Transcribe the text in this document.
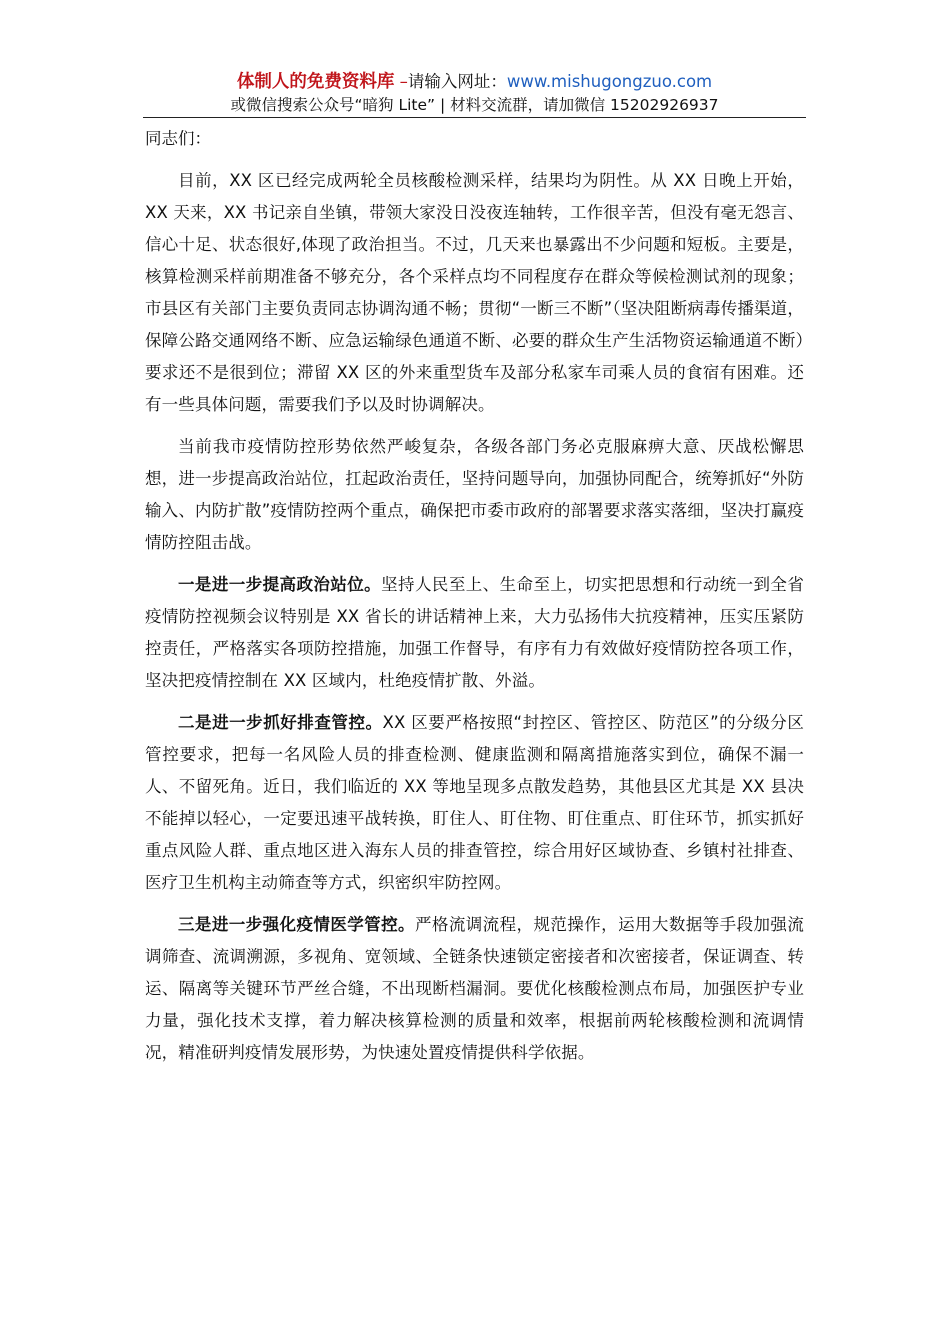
体制人的免费资料库 –请输入网址：www.mishugongzuo.com
或微信搜索公众号“暗狗 Lite” | 材料交流群，请加微信 15202926937

同志们：

目前，XX 区已经完成两轮全员核酸检测采样，结果均为阴性。从 XX 日晚上开始，XX 天来，XX 书记亲自坐镇，带领大家没日没夜连轴转，工作很辛苦，但没有毫无怨言、信心十足、状态很好,体现了政治担当。不过，几天来也暴露出不少问题和短板。主要是，核算检测采样前期准备不够充分，各个采样点均不同程度存在群众等候检测试剂的现象；市县区有关部门主要负责同志协调沟通不畅；贯彻“一断三不断”（坚决阻断病毒传播渠道，保障公路交通网络不断、应急运输绿色通道不断、必要的群众生产生活物资运输通道不断）要求还不是很到位；滞留 XX 区的外来重型货车及部分私家车司乘人员的食宿有困难。还有一些具体问题，需要我们予以及时协调解决。

当前我市疫情防控形势依然严峻复杂，各级各部门务必克服麻痹大意、厌战松懈思想，进一步提高政治站位，扛起政治责任，坚持问题导向，加强协同配合，统筹抓好“外防输入、内防扩散”疫情防控两个重点，确保把市委市政府的部署要求落实落细，坚决打赢疫情防控阻击战。

一是进一步提高政治站位。坚持人民至上、生命至上，切实把思想和行动统一到全省疫情防控视频会议特别是 XX 省长的讲话精神上来，大力弘扬伟大抗疫精神，压实压紧防控责任，严格落实各项防控措施，加强工作督导，有序有力有效做好疫情防控各项工作，坚决把疫情控制在 XX 区域内，杜绝疫情扩散、外溢。

二是进一步抓好排查管控。XX 区要严格按照“封控区、管控区、防范区”的分级分区管控要求，把每一名风险人员的排查检测、健康监测和隔离措施落实到位，确保不漏一人、不留死角。近日，我们临近的 XX 等地呈现多点散发趋势，其他县区尤其是 XX 县决不能掉以轻心，一定要迅速平战转换，盯住人、盯住物、盯住重点、盯住环节，抓实抓好重点风险人群、重点地区进入海东人员的排查管控，综合用好区域协查、乡镇村社排查、医疗卫生机构主动筛查等方式，织密织牢防控网。

三是进一步强化疫情医学管控。严格流调流程，规范操作，运用大数据等手段加强流调筛查、流调溯源，多视角、宽领域、全链条快速锁定密接者和次密接者，保证调查、转运、隔离等关键环节严丝合缝，不出现断档漏洞。要优化核酸检测点布局，加强医护专业力量，强化技术支撑，着力解决核算检测的质量和效率，根据前两轮核酸检测和流调情况，精准研判疫情发展形势，为快速处置疫情提供科学依据。
